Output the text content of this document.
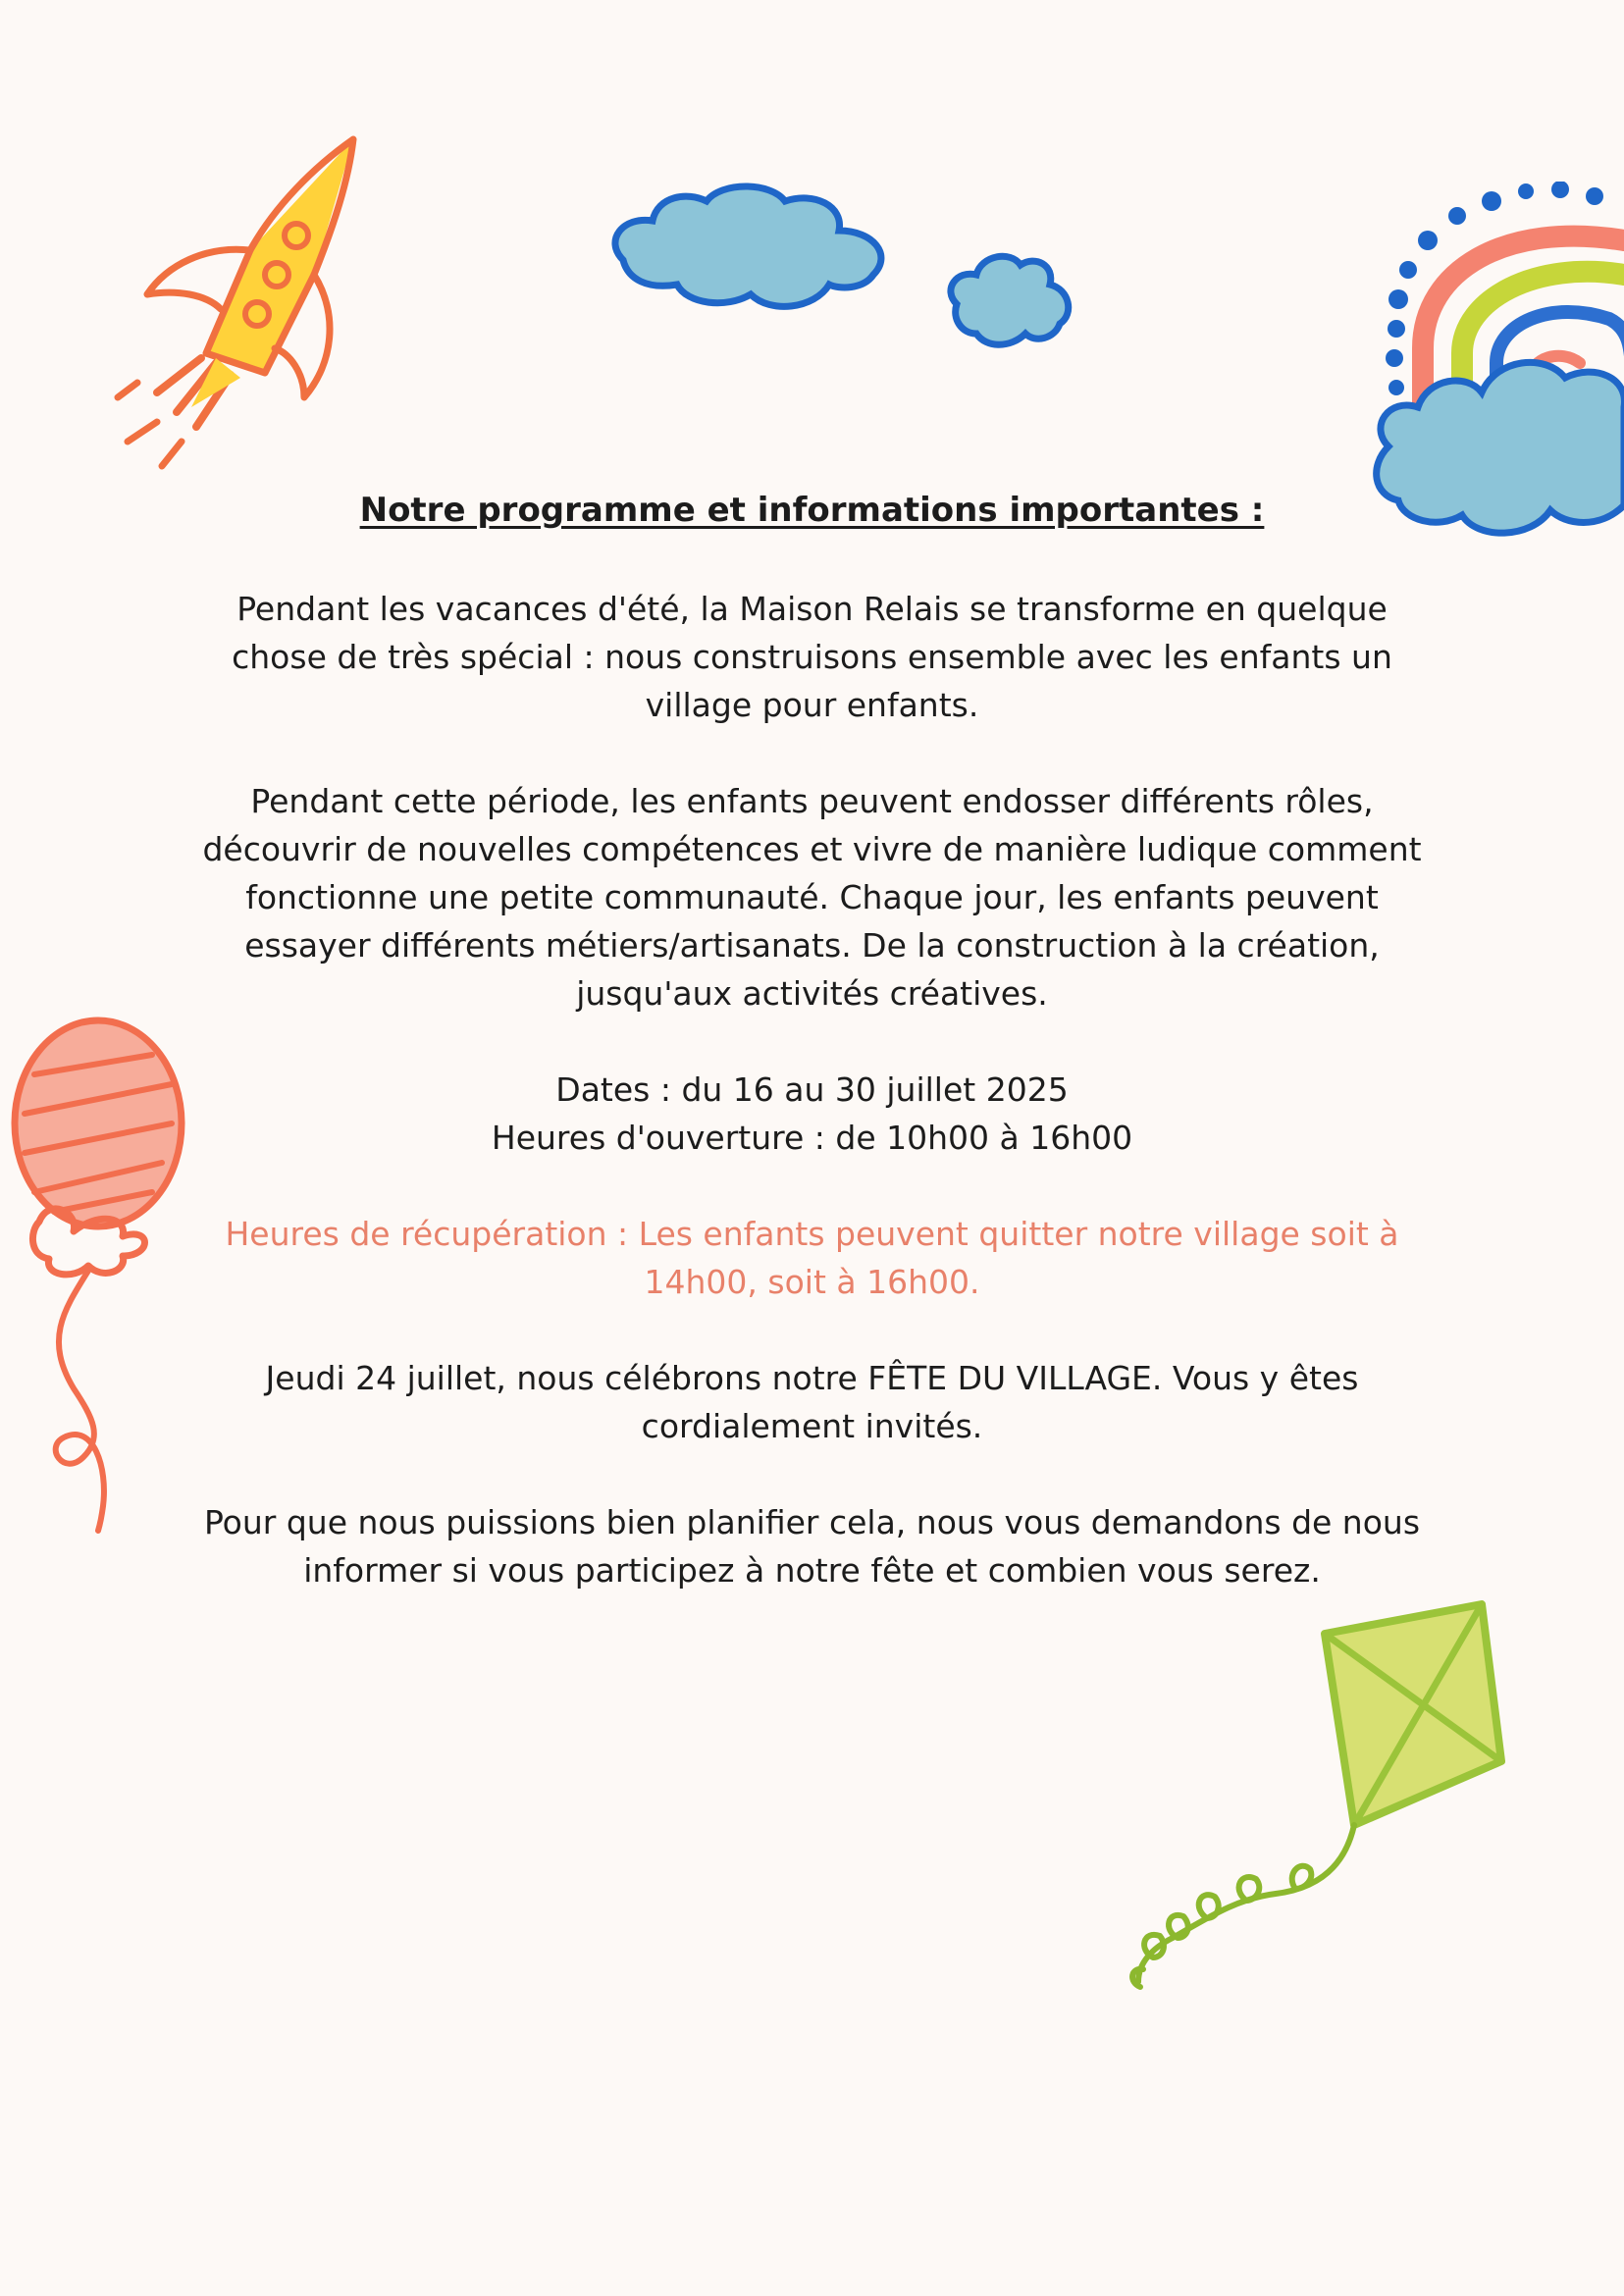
Notre programme et informations importantes :
Pendant les vacances d'été, la Maison Relais se transforme en quelque
chose de très spécial : nous construisons ensemble avec les enfants un
village pour enfants.
Pendant cette période, les enfants peuvent endosser différents rôles,
découvrir de nouvelles compétences et vivre de manière ludique comment
fonctionne une petite communauté. Chaque jour, les enfants peuvent
essayer différents métiers/artisanats. De la construction à la création,
jusqu'aux activités créatives.
Dates : du 16 au 30 juillet 2025
Heures d'ouverture : de 10h00 à 16h00
Heures de récupération : Les enfants peuvent quitter notre village soit à
14h00, soit à 16h00.
Jeudi 24 juillet, nous célébrons notre FÊTE DU VILLAGE. Vous y êtes
cordialement invités.
Pour que nous puissions bien planifier cela, nous vous demandons de nous
informer si vous participez à notre fête et combien vous serez.
